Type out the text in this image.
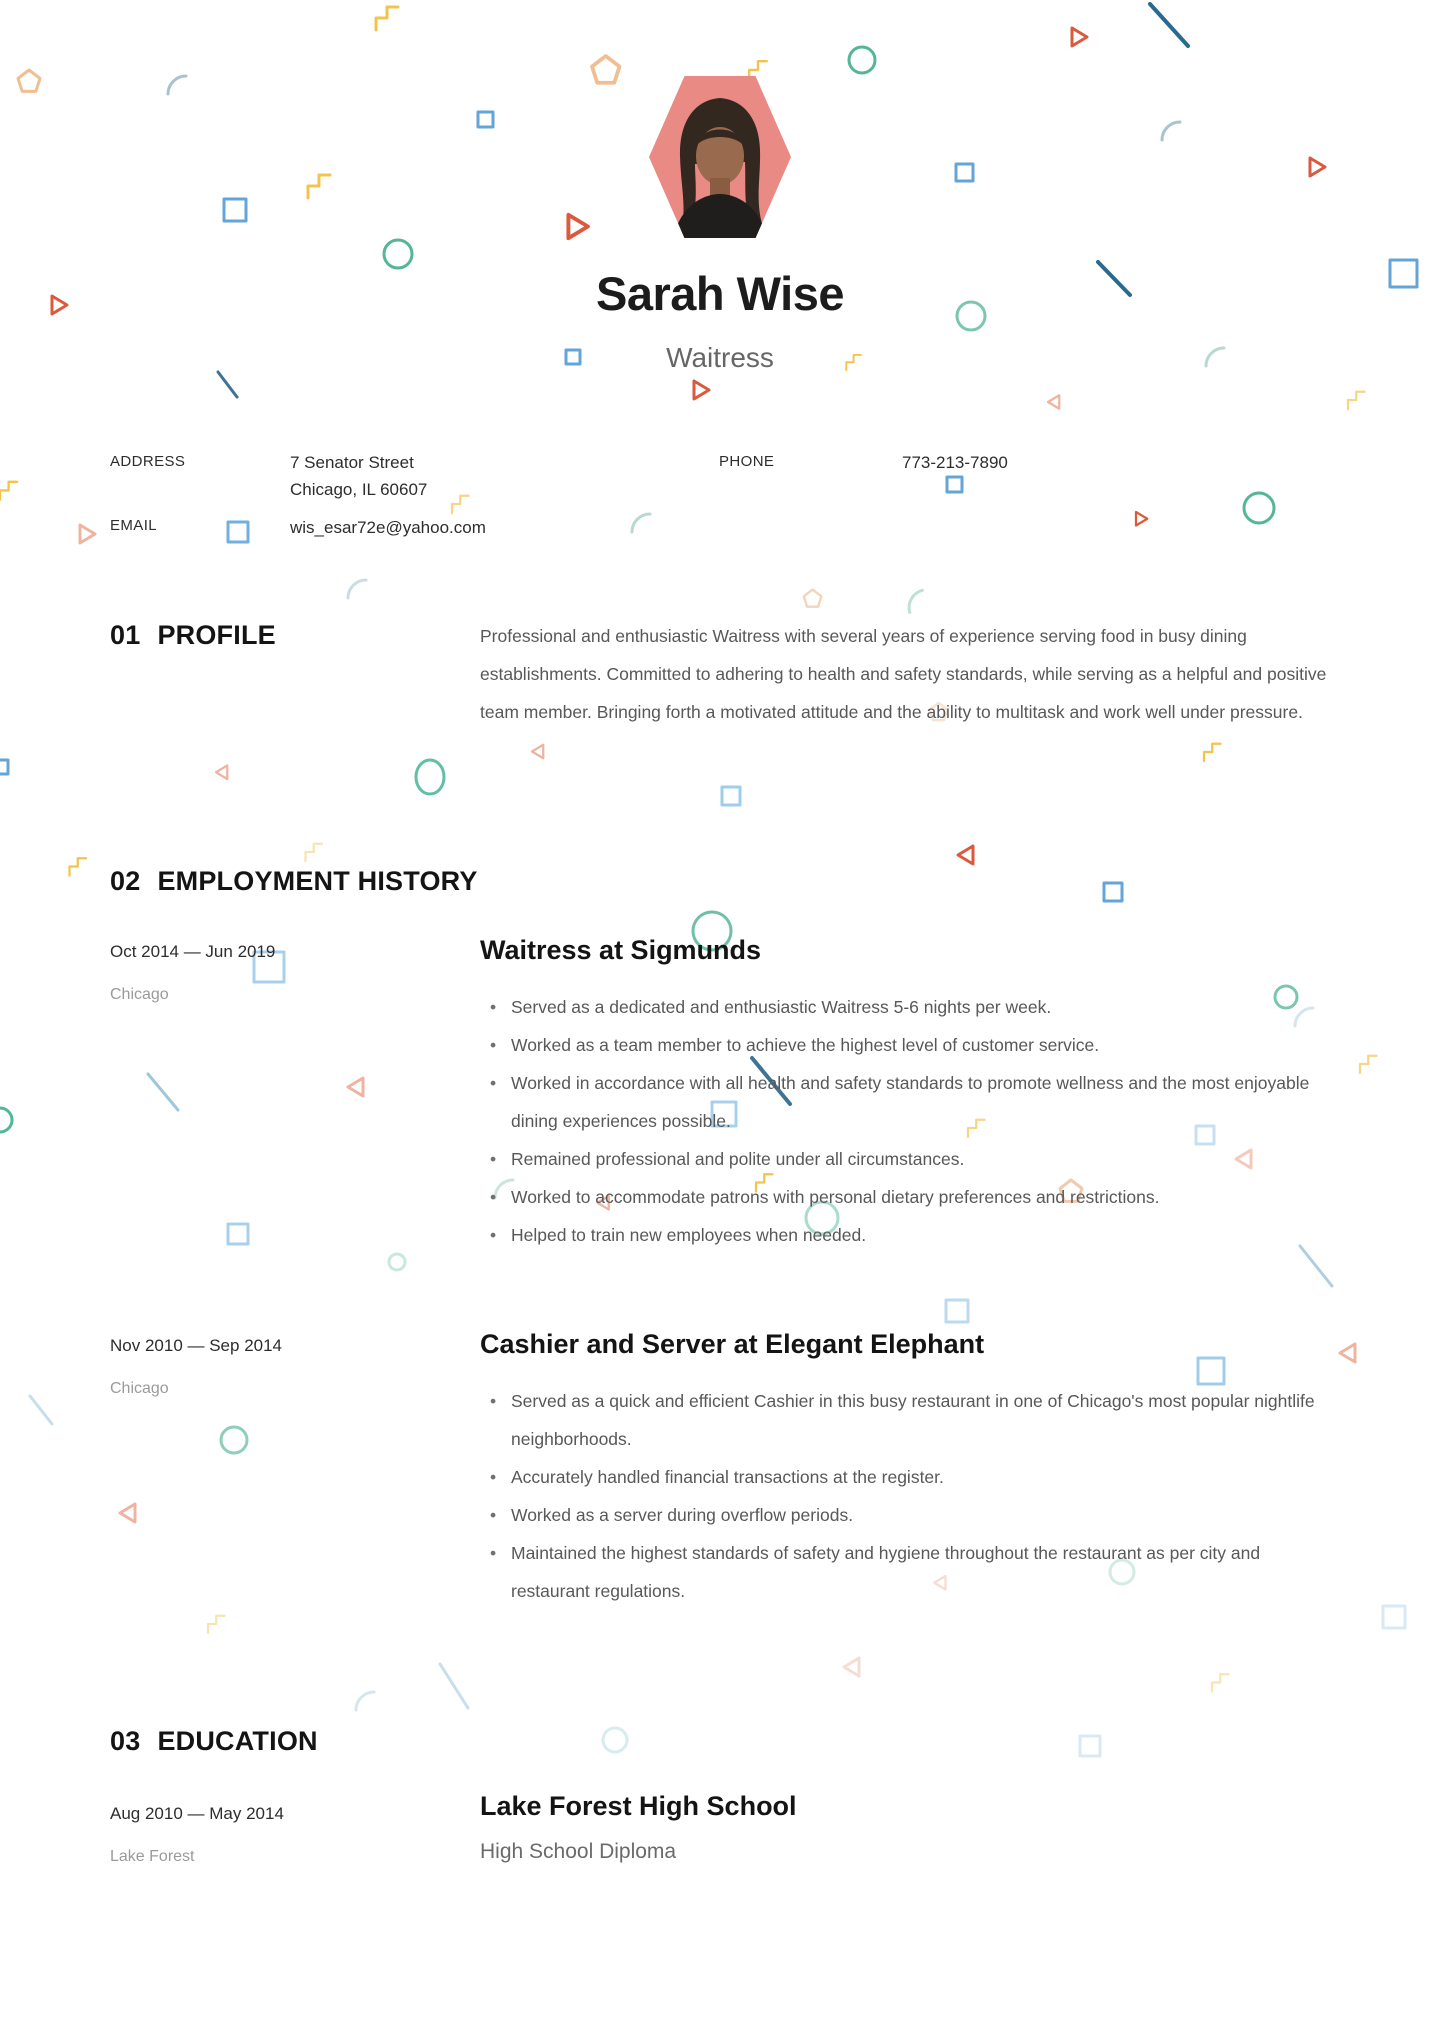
Sarah Wise
Waitress
ADDRESS	7 Senator Street
Chicago, IL 60607
EMAIL	wis_esar72e@yahoo.com
PHONE	773-213-7890
01 PROFILE	Professional and enthusiastic Waitress with several years of experience serving food in busy dining establishments. Committed to adhering to health and safety standards, while serving as a helpful and positive team member. Bringing forth a motivated attitude and the ability to multitask and work well under pressure.
02 EMPLOYMENT HISTORY
Oct 2014 — Jun 2019
Chicago
Waitress at Sigmunds
• Served as a dedicated and enthusiastic Waitress 5-6 nights per week.
• Worked as a team member to achieve the highest level of customer service.
• Worked in accordance with all health and safety standards to promote wellness and the most enjoyable dining experiences possible.
• Remained professional and polite under all circumstances.
• Worked to accommodate patrons with personal dietary preferences and restrictions.
• Helped to train new employees when needed.
Nov 2010 — Sep 2014
Chicago
Cashier and Server at Elegant Elephant
• Served as a quick and efficient Cashier in this busy restaurant in one of Chicago's most popular nightlife neighborhoods.
• Accurately handled financial transactions at the register.
• Worked as a server during overflow periods.
• Maintained the highest standards of safety and hygiene throughout the restaurant as per city and restaurant regulations.
03 EDUCATION
Aug 2010 — May 2014
Lake Forest
Lake Forest High School
High School Diploma
